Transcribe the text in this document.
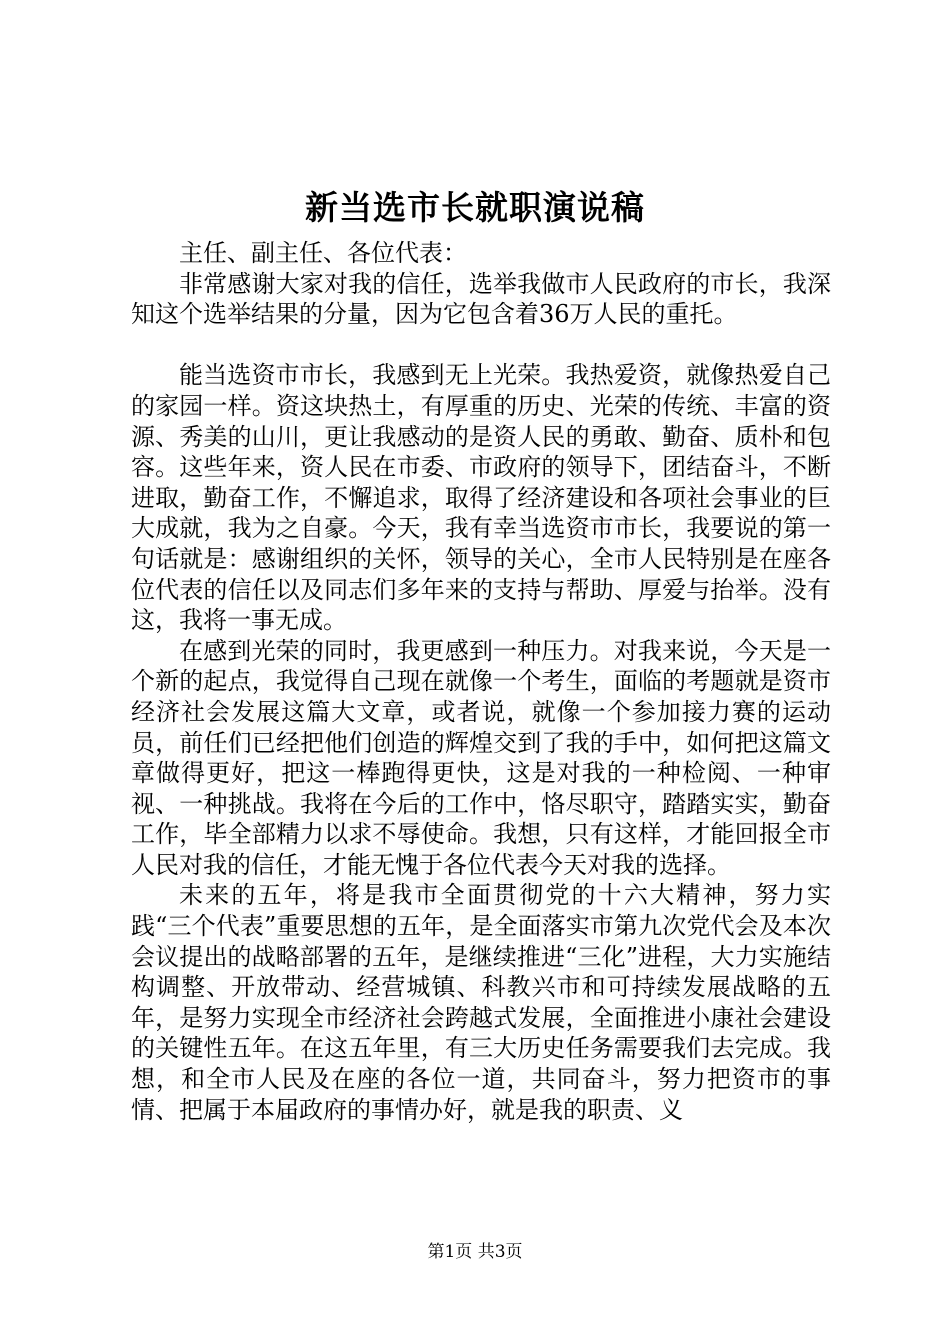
新当选市长就职演说稿

主任、副主任、各位代表：

非常感谢大家对我的信任，选举我做市人民政府的市长，我深知这个选举结果的分量，因为它包含着36万人民的重托。

能当选资市市长，我感到无上光荣。我热爱资，就像热爱自己的家园一样。资这块热土，有厚重的历史、光荣的传统、丰富的资源、秀美的山川，更让我感动的是资人民的勇敢、勤奋、质朴和包容。这些年来，资人民在市委、市政府的领导下，团结奋斗，不断进取，勤奋工作，不懈追求，取得了经济建设和各项社会事业的巨大成就，我为之自豪。今天，我有幸当选资市市长，我要说的第一句话就是：感谢组织的关怀，领导的关心，全市人民特别是在座各位代表的信任以及同志们多年来的支持与帮助、厚爱与抬举。没有这，我将一事无成。

在感到光荣的同时，我更感到一种压力。对我来说，今天是一个新的起点，我觉得自己现在就像一个考生，面临的考题就是资市经济社会发展这篇大文章，或者说，就像一个参加接力赛的运动员，前任们已经把他们创造的辉煌交到了我的手中，如何把这篇文章做得更好，把这一棒跑得更快，这是对我的一种检阅、一种审视、一种挑战。我将在今后的工作中，恪尽职守，踏踏实实，勤奋工作，毕全部精力以求不辱使命。我想，只有这样，才能回报全市人民对我的信任，才能无愧于各位代表今天对我的选择。

未来的五年，将是我市全面贯彻党的十六大精神，努力实践“三个代表”重要思想的五年，是全面落实市第九次党代会及本次会议提出的战略部署的五年，是继续推进“三化”进程，大力实施结构调整、开放带动、经营城镇、科教兴市和可持续发展战略的五年，是努力实现全市经济社会跨越式发展，全面推进小康社会建设的关键性五年。在这五年里，有三大历史任务需要我们去完成。我想，和全市人民及在座的各位一道，共同奋斗，努力把资市的事情、把属于本届政府的事情办好，就是我的职责、义

第1页 共3页
